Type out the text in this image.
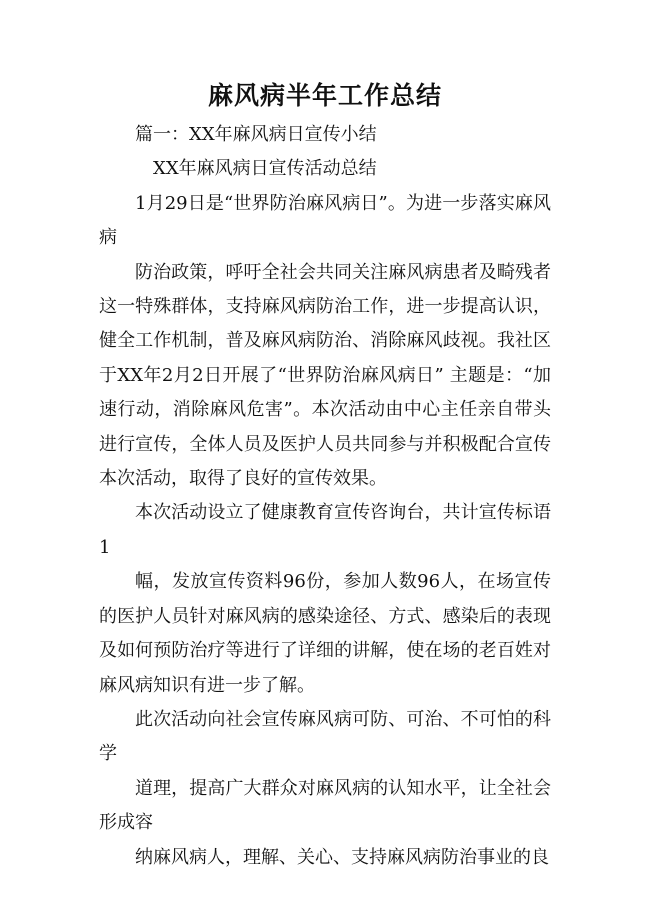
麻风病半年工作总结

篇一：XX年麻风病日宣传小结

XX年麻风病日宣传活动总结

1月29日是“世界防治麻风病日”。为进一步落实麻风病

防治政策，呼吁全社会共同关注麻风病患者及畸残者这一特殊群体，支持麻风病防治工作，进一步提高认识，健全工作机制，普及麻风病防治、消除麻风歧视。我社区于XX年2月2日开展了“世界防治麻风病日” 主题是：“加速行动，消除麻风危害”。本次活动由中心主任亲自带头进行宣传，全体人员及医护人员共同参与并积极配合宣传本次活动，取得了良好的宣传效果。

本次活动设立了健康教育宣传咨询台，共计宣传标语1

幅，发放宣传资料96份，参加人数96人，在场宣传的医护人员针对麻风病的感染途径、方式、感染后的表现及如何预防治疗等进行了详细的讲解，使在场的老百姓对麻风病知识有进一步了解。

此次活动向社会宣传麻风病可防、可治、不可怕的科学

道理，提高广大群众对麻风病的认知水平，让全社会形成容

纳麻风病人，理解、关心、支持麻风病防治事业的良
